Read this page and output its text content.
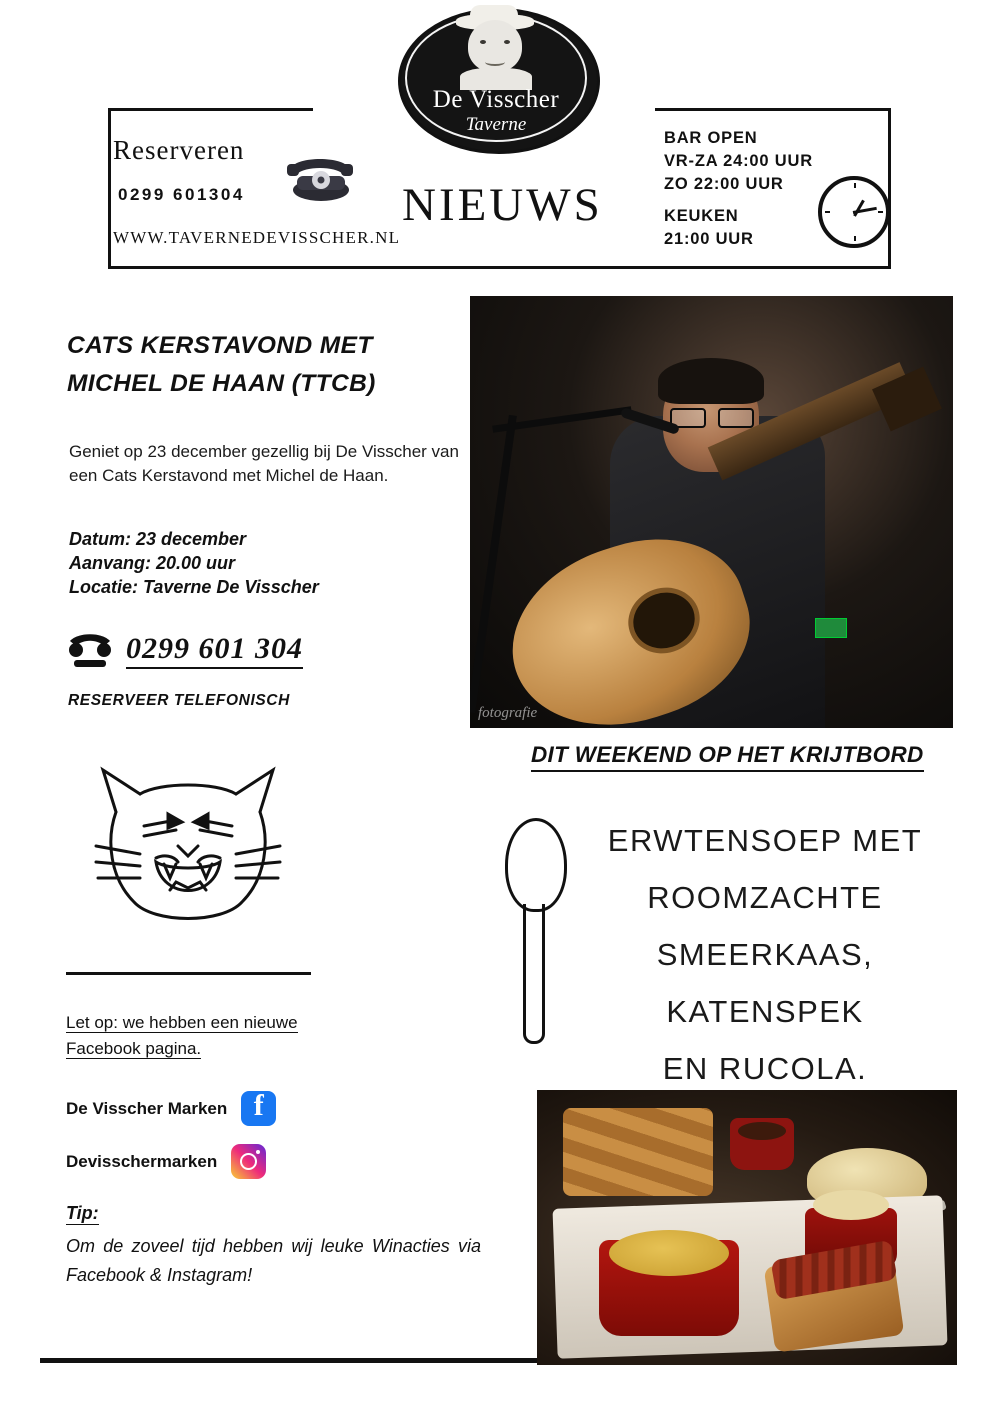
Reserveren
0299 601304
WWW.TAVERNEDEVISSCHER.NL
De Visscher
Taverne
NIEUWS
BAR OPEN
VR-ZA 24:00 UUR
ZO 22:00 UUR
KEUKEN
21:00 UUR
CATS KERSTAVOND MET
MICHEL DE HAAN (TTCB)
Geniet op 23 december gezellig bij De Visscher van een Cats Kerstavond met Michel de Haan.
Datum: 23 december
Aanvang: 20.00 uur
Locatie: Taverne De Visscher
0299 601 304
RESERVEER TELEFONISCH
Let op: we hebben een nieuwe
Facebook pagina.
De Visscher Marken
f
Devisschermarken
Tip:
Om de zoveel tijd hebben wij leuke Winacties via Facebook & Instagram!
fotografie
DIT WEEKEND OP HET KRIJTBORD
ERWTENSOEP MET
ROOMZACHTE
SMEERKAAS, KATENSPEK
EN RUCOLA.
